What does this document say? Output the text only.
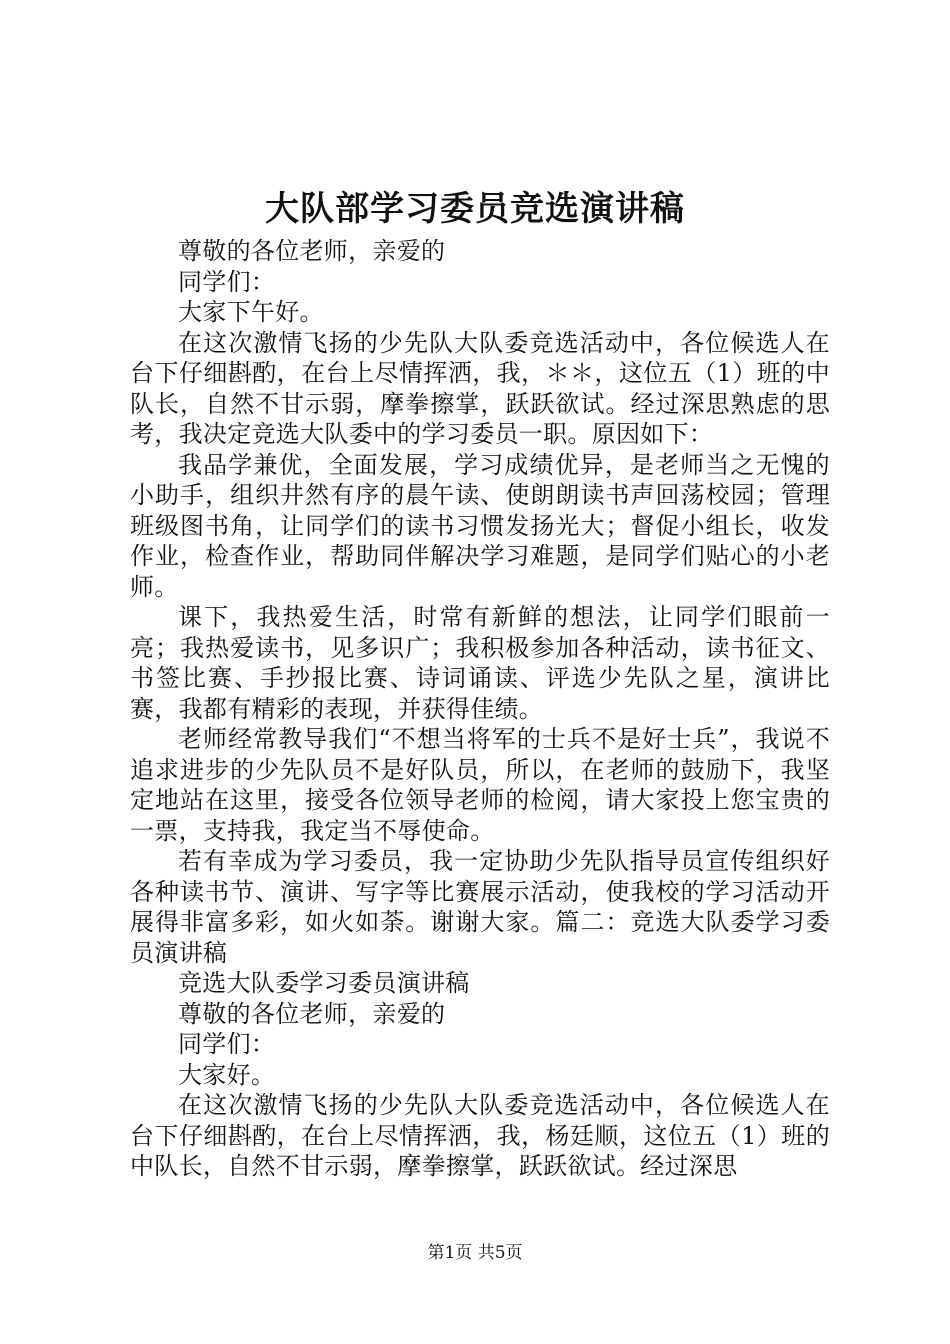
大队部学习委员竞选演讲稿

尊敬的各位老师，亲爱的

同学们：

大家下午好。

在这次激情飞扬的少先队大队委竞选活动中，各位候选人在台下仔细斟酌，在台上尽情挥洒，我，＊＊，这位五（1）班的中队长，自然不甘示弱，摩拳擦掌，跃跃欲试。经过深思熟虑的思考，我决定竞选大队委中的学习委员一职。原因如下：

我品学兼优，全面发展，学习成绩优异，是老师当之无愧的小助手，组织井然有序的晨午读、使朗朗读书声回荡校园；管理班级图书角，让同学们的读书习惯发扬光大；督促小组长，收发作业，检查作业，帮助同伴解决学习难题，是同学们贴心的小老师。

课下，我热爱生活，时常有新鲜的想法，让同学们眼前一亮；我热爱读书，见多识广；我积极参加各种活动，读书征文、书签比赛、手抄报比赛、诗词诵读、评选少先队之星，演讲比赛，我都有精彩的表现，并获得佳绩。

老师经常教导我们“不想当将军的士兵不是好士兵”，我说不追求进步的少先队员不是好队员，所以，在老师的鼓励下，我坚定地站在这里，接受各位领导老师的检阅，请大家投上您宝贵的一票，支持我，我定当不辱使命。

若有幸成为学习委员，我一定协助少先队指导员宣传组织好各种读书节、演讲、写字等比赛展示活动，使我校的学习活动开展得非富多彩，如火如荼。谢谢大家。篇二：竞选大队委学习委员演讲稿

竞选大队委学习委员演讲稿

尊敬的各位老师，亲爱的

同学们：

大家好。

在这次激情飞扬的少先队大队委竞选活动中，各位候选人在台下仔细斟酌，在台上尽情挥洒，我，杨廷顺，这位五（1）班的中队长，自然不甘示弱，摩拳擦掌，跃跃欲试。经过深思

第1页 共5页
